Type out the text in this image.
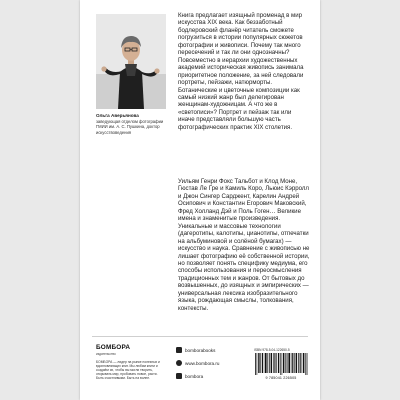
Ольга Аверьянова
заведующая отделом фотографии ГМИИ им. А. С. Пушкина, доктор искусствоведения

Книга предлагает изящный променад в мир искусства XIX века. Как беззаботный бодлеровский фланёр читатель сможете погрузиться в истории популярных сюжетов фотографии и живописи. Почему так много пересечений и так ли они однозначны? Повсеместно в иерархии художественных академий историческая живопись занимала приоритетное положение, за ней следовали портреты, пейзажи, натюрморты. Ботанические и цветочные композиции как самый низкий жанр был делегирован женщинам-художницам. А что же в «светописи»? Портрет и пейзаж так или иначе представляли большую часть фотографических практик XIX столетия.

Уильям Генри Фокс Тальбот и Клод Моне, Гюстав Ле Гре и Камиль Коро, Льюис Кэрролл и Джон Сингер Сарджент, Карелин Андрей Осипович и Константин Егорович Маковский, Фред Холланд Дэй и Поль Гоген… Великие имена и знаменитые произведения. Уникальные и массовые технологии (дагеротипы, калотипы, цианотипы, отпечатки на альбуминовой и солёной бумагах) — искусство и наука. Сравнение с живописью не лишает фотографию её собственной истории, но позволяет понять специфику медиума, его способы использования и переосмысления традиционных тем и жанров. От бытовых до возвышенных, до изящных и эмпирических — универсальная лексика изобразительного языка, рождающая смыслы, толкования, контексты.

БОМБОРА
издательство
БОМБОРА — лидер на рынке полезных и вдохновляющих книг. Мы любим книги и создаём их, чтобы вы могли творить, открывать мир, пробовать новое, расти. Быть счастливыми. Быть на волне.
bomborabooks
www.bombora.ru
bombora
ISBN 978-5-04-122650-5
9 785041 226505
